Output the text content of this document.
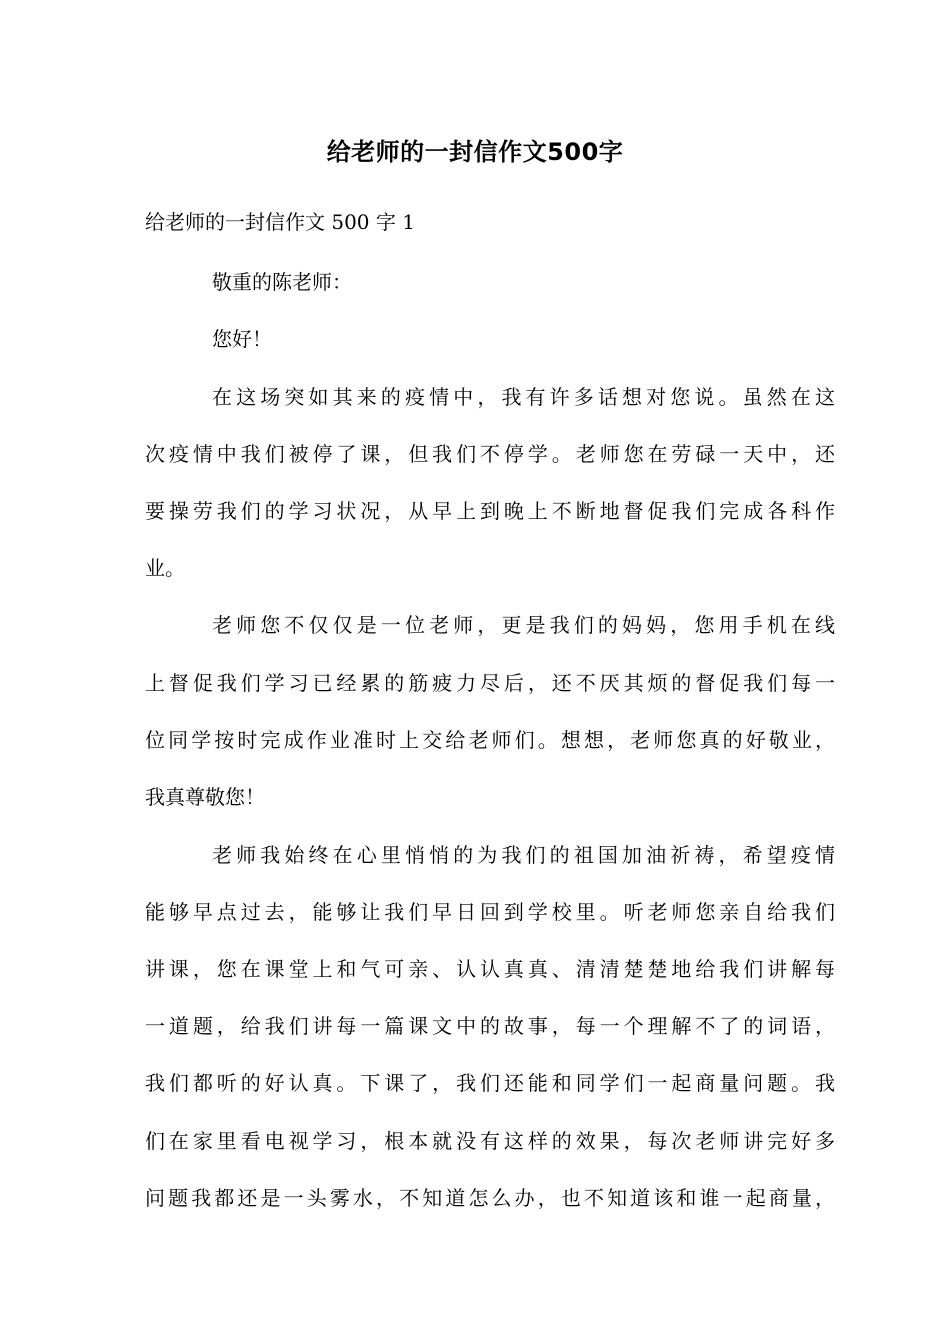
给老师的一封信作文500字
给老师的一封信作文 500 字 1
敬重的陈老师：
您好！
在这场突如其来的疫情中，我有许多话想对您说。虽然在这
次疫情中我们被停了课，但我们不停学。老师您在劳碌一天中，还
要操劳我们的学习状况，从早上到晚上不断地督促我们完成各科作
业。
老师您不仅仅是一位老师，更是我们的妈妈，您用手机在线
上督促我们学习已经累的筋疲力尽后，还不厌其烦的督促我们每一
位同学按时完成作业准时上交给老师们。想想，老师您真的好敬业，
我真尊敬您！
老师我始终在心里悄悄的为我们的祖国加油祈祷，希望疫情
能够早点过去，能够让我们早日回到学校里。听老师您亲自给我们
讲课，您在课堂上和气可亲、认认真真、清清楚楚地给我们讲解每
一道题，给我们讲每一篇课文中的故事，每一个理解不了的词语，
我们都听的好认真。下课了，我们还能和同学们一起商量问题。我
们在家里看电视学习，根本就没有这样的效果，每次老师讲完好多
问题我都还是一头雾水，不知道怎么办，也不知道该和谁一起商量，
